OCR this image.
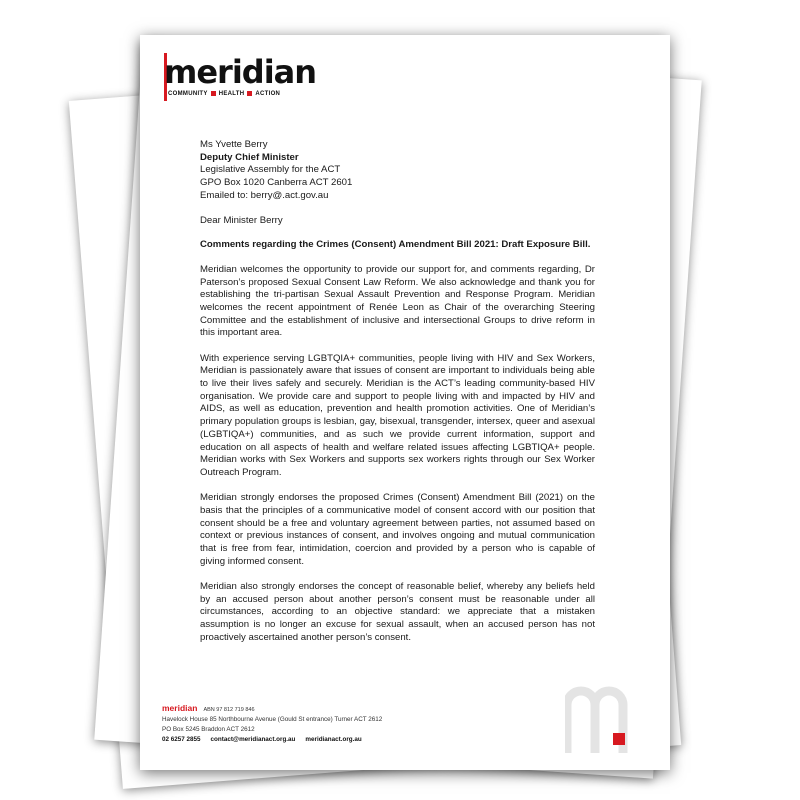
meridian
COMMUNITY HEALTH ACTION
Ms Yvette Berry
Deputy Chief Minister
Legislative Assembly for the ACT
GPO Box 1020 Canberra ACT 2601
Emailed to: berry@.act.gov.au
Dear Minister Berry
Comments regarding the Crimes (Consent) Amendment Bill 2021: Draft Exposure Bill.

Meridian welcomes the opportunity to provide our support for, and comments regarding, Dr Paterson’s proposed Sexual Consent Law Reform. We also acknowledge and thank you for establishing the tri-partisan Sexual Assault Prevention and Response Program. Meridian welcomes the recent appointment of Renée Leon as Chair of the overarching Steering Committee and the establishment of inclusive and intersectional Groups to drive reform in this important area.

With experience serving LGBTQIA+ communities, people living with HIV and Sex Workers, Meridian is passionately aware that issues of consent are important to individuals being able to live their lives safely and securely. Meridian is the ACT’s leading community-based HIV organisation. We provide care and support to people living with and impacted by HIV and AIDS, as well as education, prevention and health promotion activities. One of Meridian’s primary population groups is lesbian, gay, bisexual, transgender, intersex, queer and asexual (LGBTIQA+) communities, and as such we provide current information, support and education on all aspects of health and welfare related issues affecting LGBTIQA+ people. Meridian works with Sex Workers and supports sex workers rights through our Sex Worker Outreach Program.

Meridian strongly endorses the proposed Crimes (Consent) Amendment Bill (2021) on the basis that the principles of a communicative model of consent accord with our position that consent should be a free and voluntary agreement between parties, not assumed based on context or previous instances of consent, and involves ongoing and mutual communication that is free from fear, intimidation, coercion and provided by a person who is capable of giving informed consent.

Meridian also strongly endorses the concept of reasonable belief, whereby any beliefs held by an accused person about another person’s consent must be reasonable under all circumstances, according to an objective standard: we appreciate that a mistaken assumption is no longer an excuse for sexual assault, when an accused person has not proactively ascertained another person’s consent.

meridian ABN 97 812 719 846
Havelock House 85 Northbourne Avenue (Gould St entrance) Turner ACT 2612
PO Box 5245 Braddon ACT 2612
02 6257 2855 contact@meridianact.org.au meridianact.org.au
